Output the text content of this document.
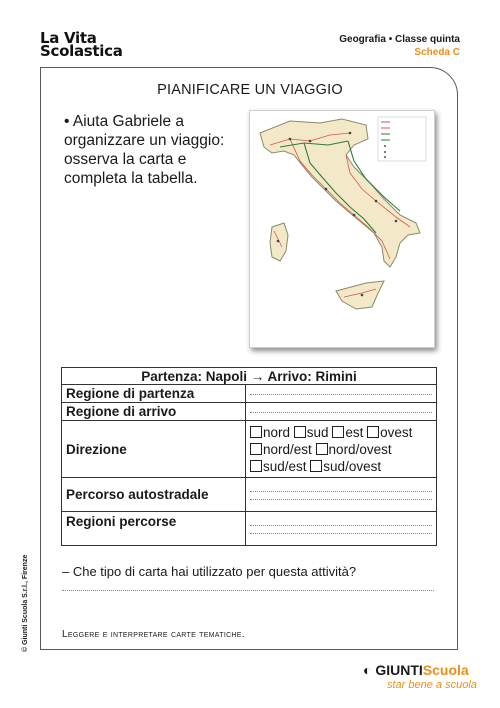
La Vita
Scolastica
Geografia • Classe quinta
Scheda C
PIANIFICARE UN VIAGGIO
• Aiuta Gabriele a organizzare un viaggio: osserva la carta e completa la tabella.
Partenza: Napoli → Arrivo: Rimini	
Regione di partenza	

Regione di arrivo	

Direzione	nord sud est ovest
nord/est nord/ovest
sud/est sud/ovest

Percorso autostradale	

Regioni percorse	
– Che tipo di carta hai utilizzato per questa attività?
Leggere e interpretare carte tematiche.
© Giunti Scuola S.r.l., Firenze
◐ GIUNTIScuola
star bene a scuola
